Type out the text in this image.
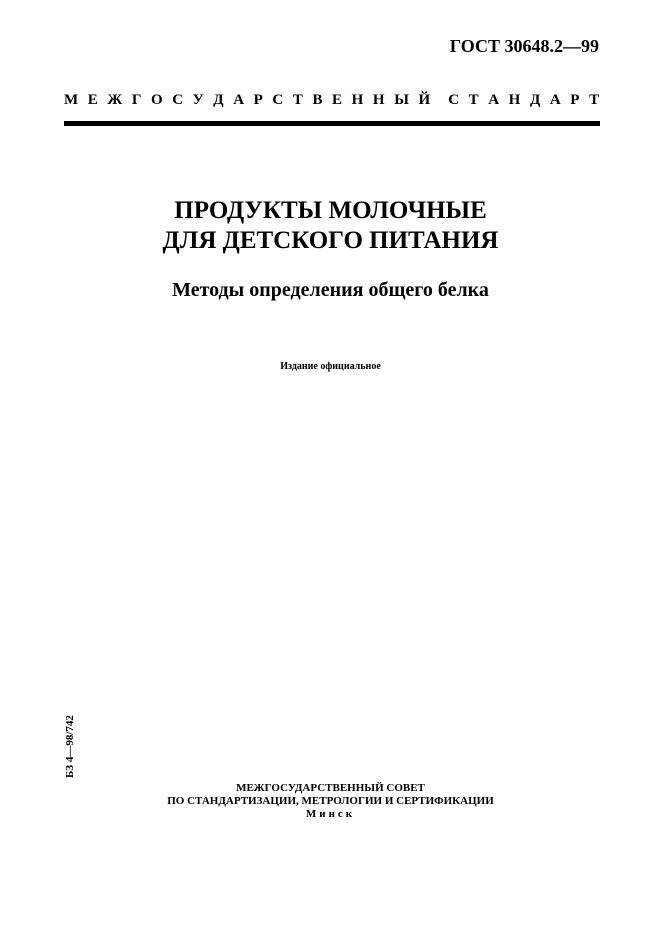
ГОСТ 30648.2—99
М Е Ж Г О С У Д А Р С Т В Е Н Н Ы Й С Т А Н Д А Р Т
ПРОДУКТЫ МОЛОЧНЫЕ
ДЛЯ ДЕТСКОГО ПИТАНИЯ
Методы определения общего белка
Издание официальное
БЗ 4—98/742
МЕЖГОСУДАРСТВЕННЫЙ СОВЕТ
ПО СТАНДАРТИЗАЦИИ, МЕТРОЛОГИИ И СЕРТИФИКАЦИИ
Минск
